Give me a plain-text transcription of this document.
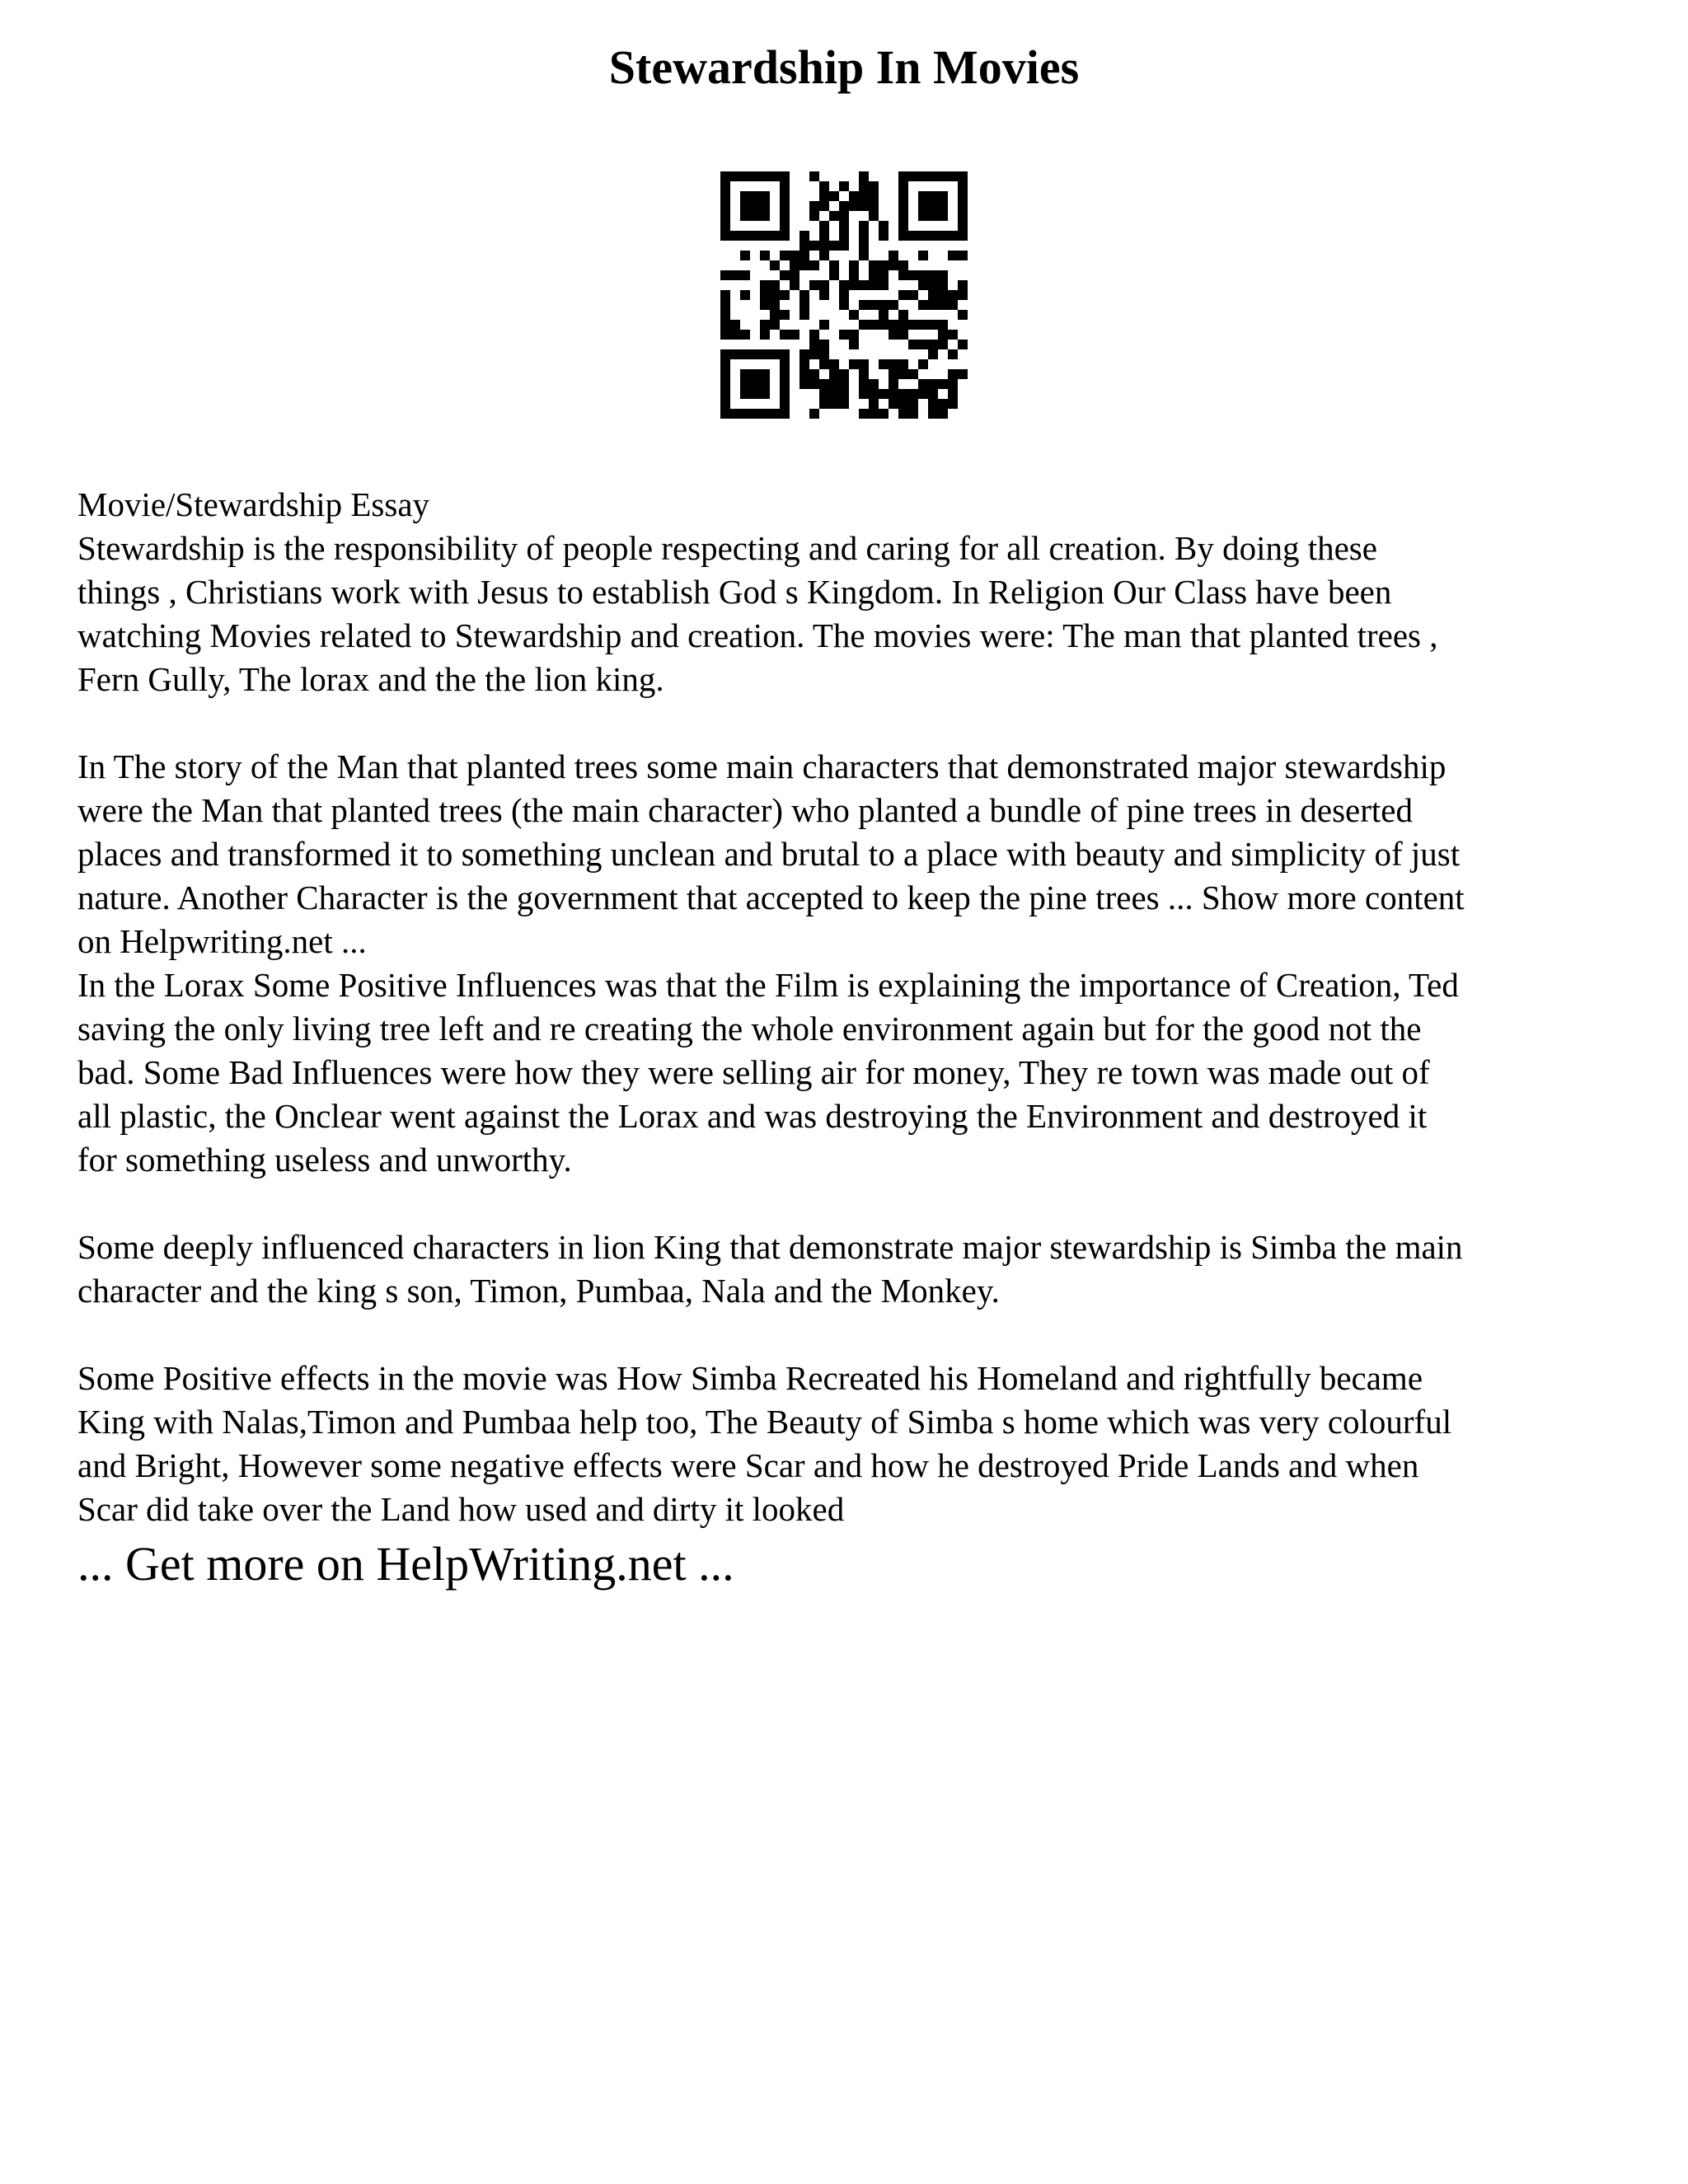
Stewardship In Movies
Movie/Stewardship Essay
Stewardship is the responsibility of people respecting and caring for all creation. By doing these
things , Christians work with Jesus to establish God s Kingdom. In Religion Our Class have been
watching Movies related to Stewardship and creation. The movies were: The man that planted trees ,
Fern Gully, The lorax and the the lion king.
In The story of the Man that planted trees some main characters that demonstrated major stewardship
were the Man that planted trees (the main character) who planted a bundle of pine trees in deserted
places and transformed it to something unclean and brutal to a place with beauty and simplicity of just
nature. Another Character is the government that accepted to keep the pine trees ... Show more content
on Helpwriting.net ...
In the Lorax Some Positive Influences was that the Film is explaining the importance of Creation, Ted
saving the only living tree left and re creating the whole environment again but for the good not the
bad. Some Bad Influences were how they were selling air for money, They re town was made out of
all plastic, the Onclear went against the Lorax and was destroying the Environment and destroyed it
for something useless and unworthy.
Some deeply influenced characters in lion King that demonstrate major stewardship is Simba the main
character and the king s son, Timon, Pumbaa, Nala and the Monkey.
Some Positive effects in the movie was How Simba Recreated his Homeland and rightfully became
King with Nalas,Timon and Pumbaa help too, The Beauty of Simba s home which was very colourful
and Bright, However some negative effects were Scar and how he destroyed Pride Lands and when
Scar did take over the Land how used and dirty it looked
... Get more on HelpWriting.net ...
